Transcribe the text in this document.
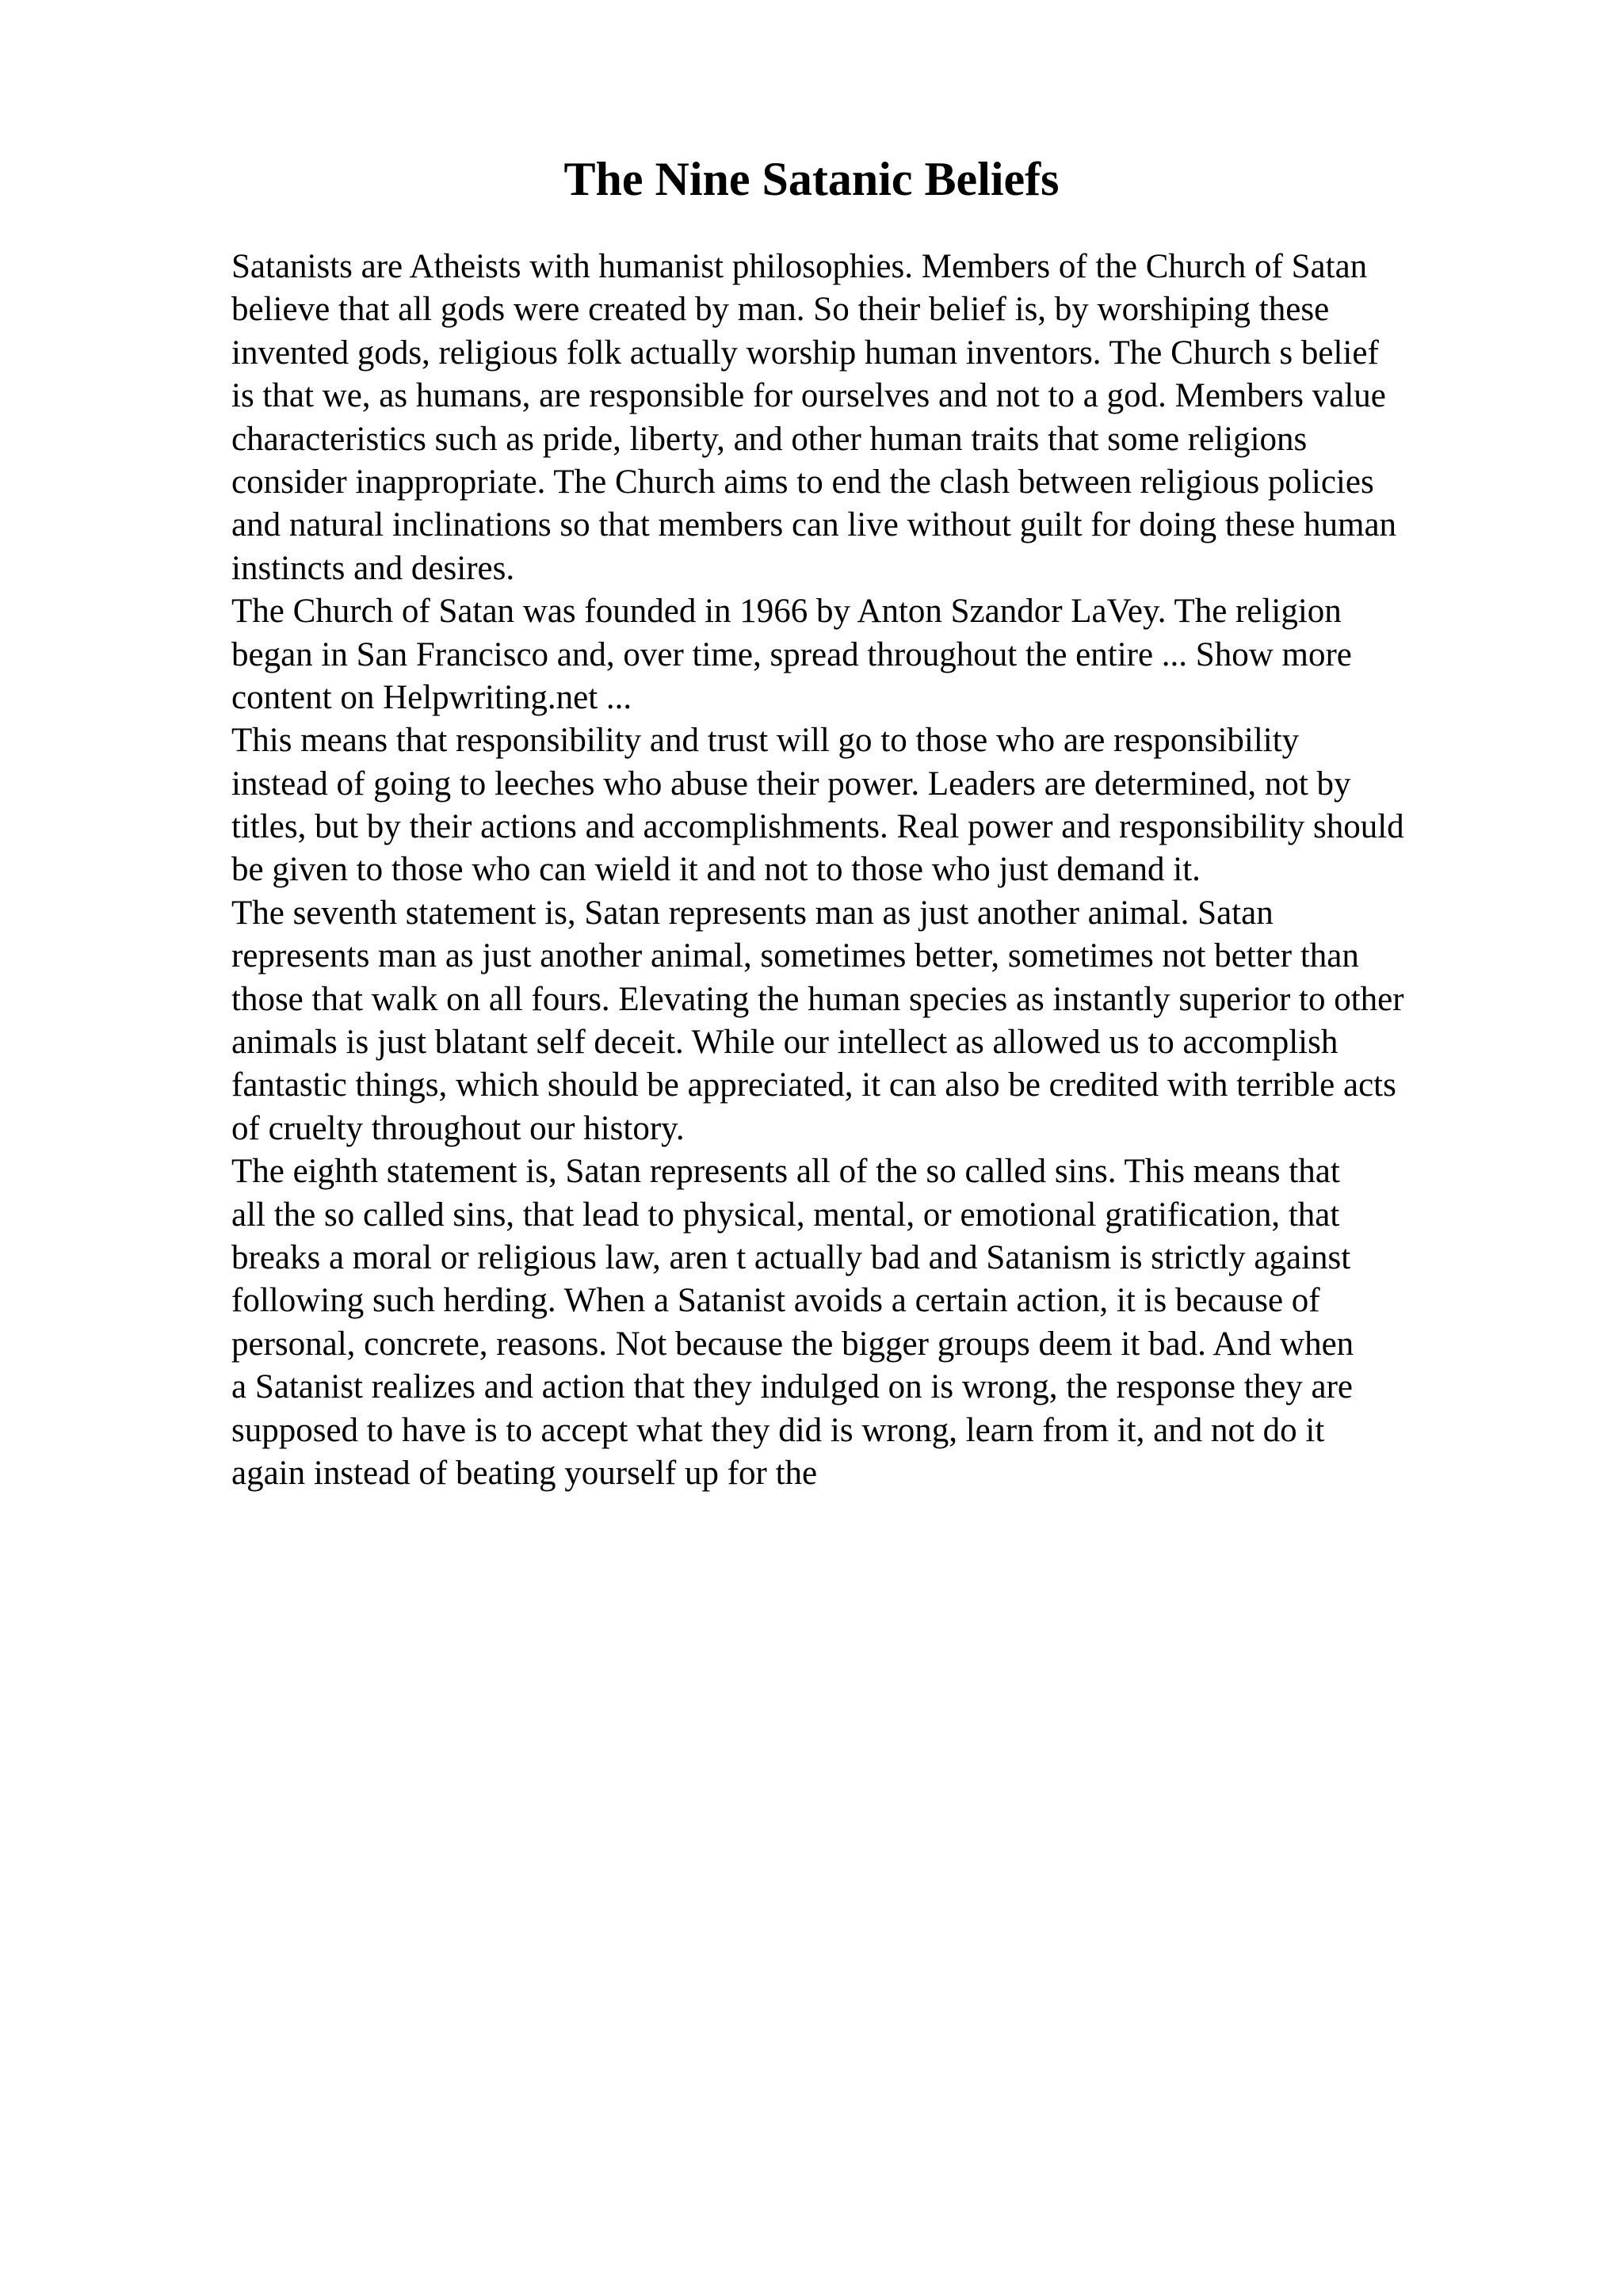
The Nine Satanic Beliefs
Satanists are Atheists with humanist philosophies. Members of the Church of Satan
believe that all gods were created by man. So their belief is, by worshiping these
invented gods, religious folk actually worship human inventors. The Church s belief
is that we, as humans, are responsible for ourselves and not to a god. Members value
characteristics such as pride, liberty, and other human traits that some religions
consider inappropriate. The Church aims to end the clash between religious policies
and natural inclinations so that members can live without guilt for doing these human
instincts and desires.
The Church of Satan was founded in 1966 by Anton Szandor LaVey. The religion
began in San Francisco and, over time, spread throughout the entire ... Show more
content on Helpwriting.net ...
This means that responsibility and trust will go to those who are responsibility
instead of going to leeches who abuse their power. Leaders are determined, not by
titles, but by their actions and accomplishments. Real power and responsibility should
be given to those who can wield it and not to those who just demand it.
The seventh statement is, Satan represents man as just another animal. Satan
represents man as just another animal, sometimes better, sometimes not better than
those that walk on all fours. Elevating the human species as instantly superior to other
animals is just blatant self deceit. While our intellect as allowed us to accomplish
fantastic things, which should be appreciated, it can also be credited with terrible acts
of cruelty throughout our history.
The eighth statement is, Satan represents all of the so called sins. This means that
all the so called sins, that lead to physical, mental, or emotional gratification, that
breaks a moral or religious law, aren t actually bad and Satanism is strictly against
following such herding. When a Satanist avoids a certain action, it is because of
personal, concrete, reasons. Not because the bigger groups deem it bad. And when
a Satanist realizes and action that they indulged on is wrong, the response they are
supposed to have is to accept what they did is wrong, learn from it, and not do it
again instead of beating yourself up for the
